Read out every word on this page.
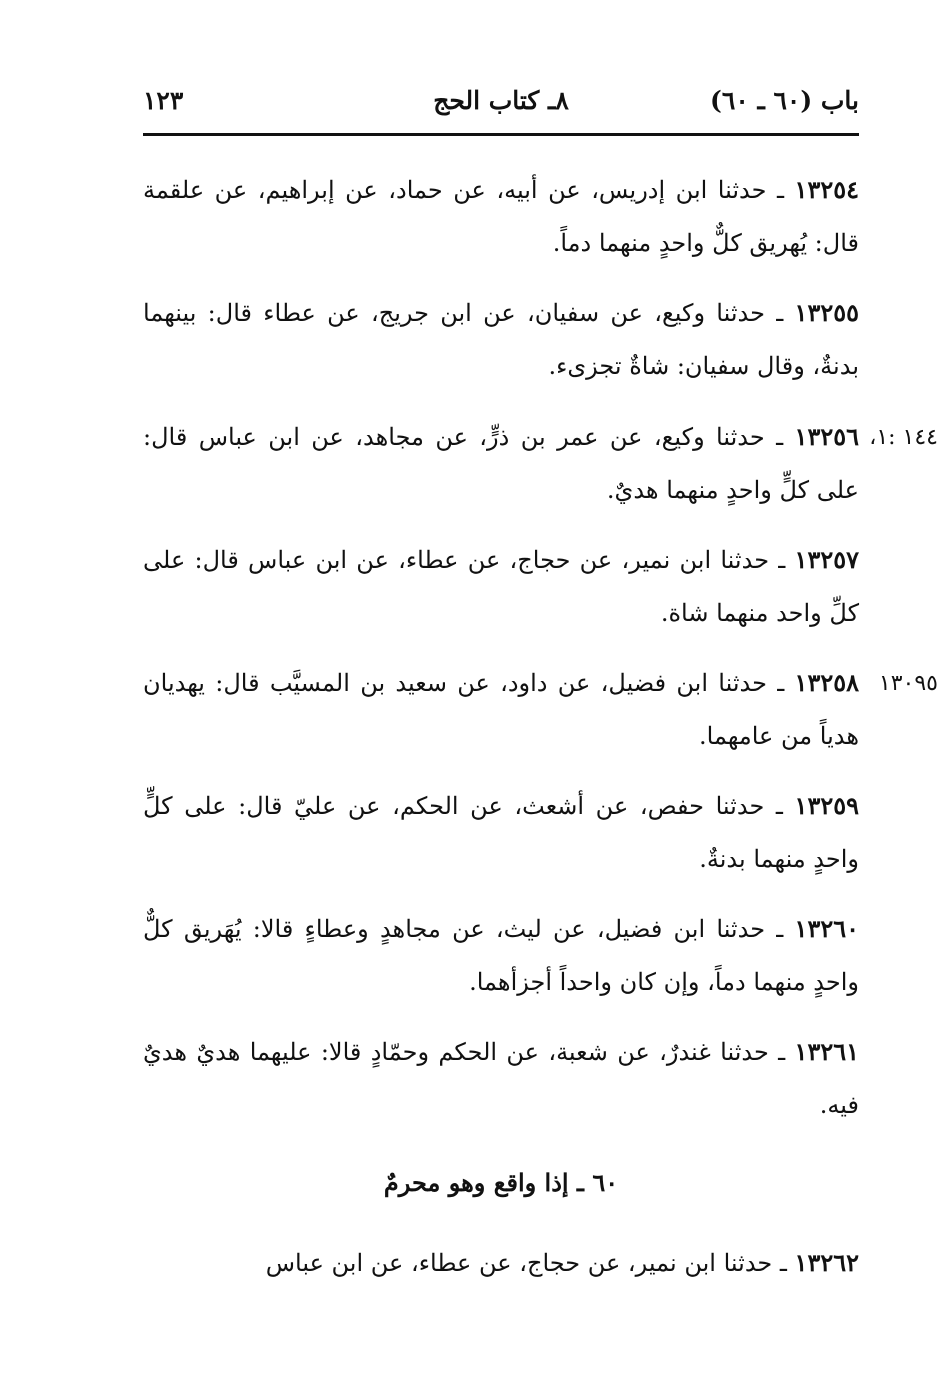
باب (٦٠ ـ ٦٠)
٨ـ كتاب الحج
١٢٣
١٣٢٥٤ ـ حدثنا ابن إدريس، عن أبيه، عن حماد، عن إبراهيم، عن علقمة قال: يُهريق كلٌّ واحدٍ منهما دماً.
١٣٢٥٥ ـ حدثنا وكيع، عن سفيان، عن ابن جريج، عن عطاء قال: بينهما بدنةٌ، وقال سفيان: شاةٌ تجزىء.
١٣٢٥٦ ـ حدثنا وكيع، عن عمر بن ذرٍّ، عن مجاهد، عن ابن عباس قال: على كلٍّ واحدٍ منهما هديٌ.
١٤٤ :١،
١٣٢٥٧ ـ حدثنا ابن نمير، عن حجاج، عن عطاء، عن ابن عباس قال: على كلِّ واحد منهما شاة.
١٣٢٥٨ ـ حدثنا ابن فضيل، عن داود، عن سعيد بن المسيَّب قال: يهديان هدياً من عامهما.
١٣٠٩٥
١٣٢٥٩ ـ حدثنا حفص، عن أشعث، عن الحكم، عن عليّ قال: على كلٍّ واحدٍ منهما بدنةٌ.
١٣٢٦٠ ـ حدثنا ابن فضيل، عن ليث، عن مجاهدٍ وعطاءٍ قالا: يُهَريق كلٌّ واحدٍ منهما دماً، وإن كان واحداً أجزأهما.
١٣٢٦١ ـ حدثنا غندرٌ، عن شعبة، عن الحكم وحمّادٍ قالا: عليهما هديٌ هديٌ فيه.
٦٠ ـ إذا واقع وهو محرمٌ
١٣٢٦٢ ـ حدثنا ابن نمير، عن حجاج، عن عطاء، عن ابن عباس
